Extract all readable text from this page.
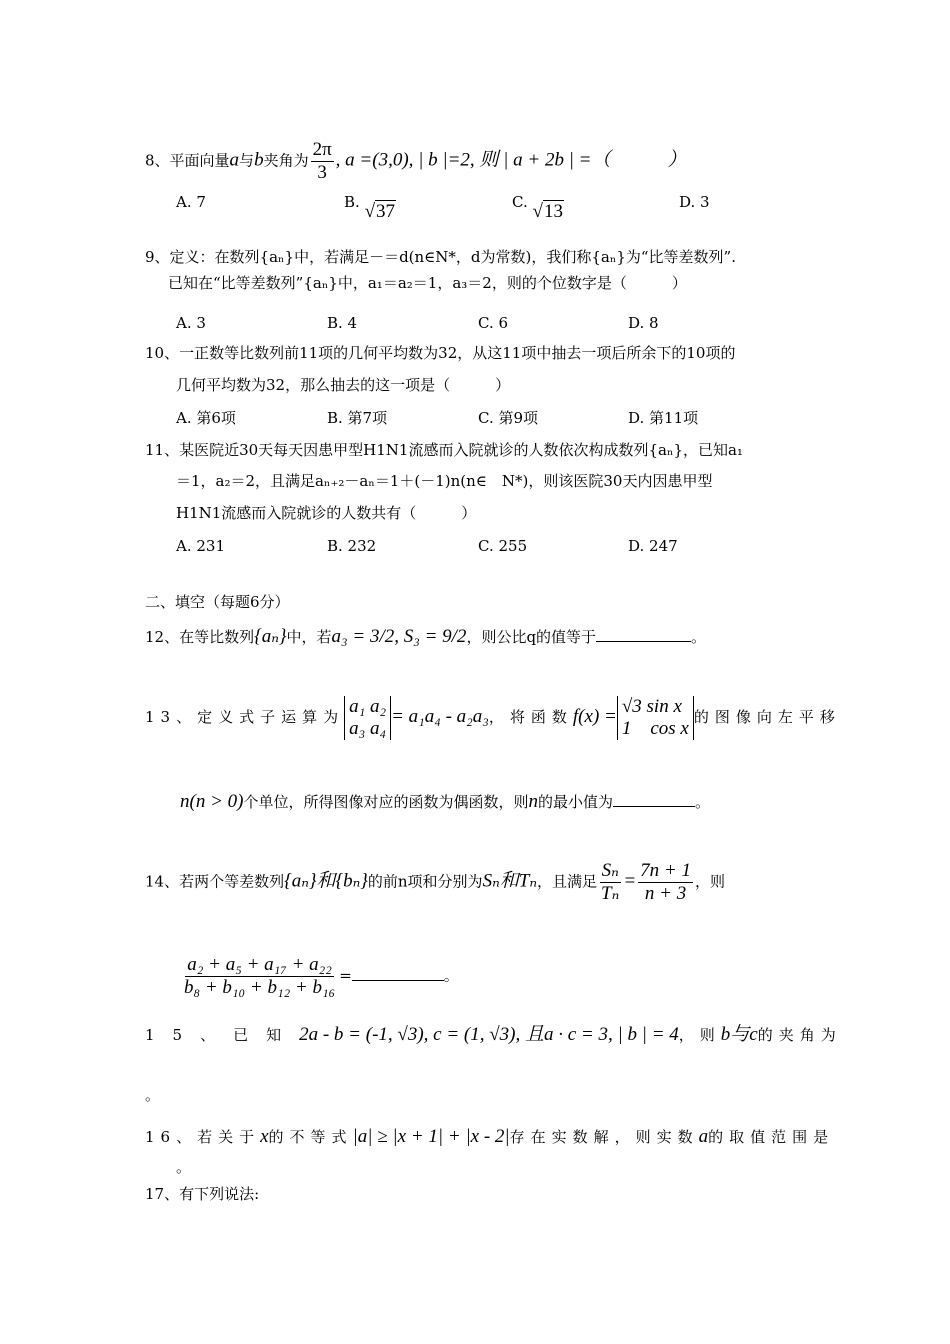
8、平面向量a与b夹角为 $\frac{2\pi}{3}$ , a =(3,0), | b |=2, 则 | a + 2b | =（　　　）
A. 7	B. √37	C. √13	D. 3
9、定义：在数列{aₙ}中，若满足－＝d(n∈N*，d为常数)，我们称{aₙ}为“比等差数列”.
已知在“比等差数列”{aₙ}中，a₁＝a₂＝1，a₃＝2，则的个位数字是（　　　）
A. 3	B. 4	C. 6	D. 8
10、一正数等比数列前11项的几何平均数为32，从这11项中抽去一项后所余下的10项的
几何平均数为32，那么抽去的这一项是（　　　）
A. 第6项	B. 第7项	C. 第9项	D. 第11项
11、某医院近30天每天因患甲型H1N1流感而入院就诊的人数依次构成数列{aₙ}，已知a₁
＝1，a₂＝2，且满足aₙ₊₂－aₙ＝1＋(－1)n(n∈　N*)，则该医院30天内因患甲型
H1N1流感而入院就诊的人数共有（　　　）
A. 231	B. 232	C. 255	D. 247
二、填空（每题6分）
12、在等比数列{aₙ}中，若a₃ = 3/2, S₃ = 9/2，则公比q的值等于	。
13、定义式子运算为 a₁ a₂
a₃ a₄= a₁a₄ - a₂a₃，将函数f(x) = √3 sin x
1    cos x的图像向左平移
n(n > 0)个单位，所得图像对应的函数为偶函数，则n的最小值为	。
14、若两个等差数列{aₙ}和{bₙ}的前n项和分别为Sₙ和Tₙ，且满足 $\frac{\text{Sₙ}}{\text{Tₙ}} = \frac{7n + 1}{n + 3}$ ，则
$\frac{\text{a₂ + a₅ + a₁₇ + a₂₂}}{\text{b₈ + b₁₀ + b₁₂ + b₁₆}}$ =	。
15、已知2a - b = (-1, √3), c = (1, √3), 且a · c = 3, | b | = 4，则b与c的夹角为
。
16、若关于x的不等式|a| ≥ |x + 1| + |x - 2|存在实数解，则实数a的取值范围是
。
17、有下列说法:
